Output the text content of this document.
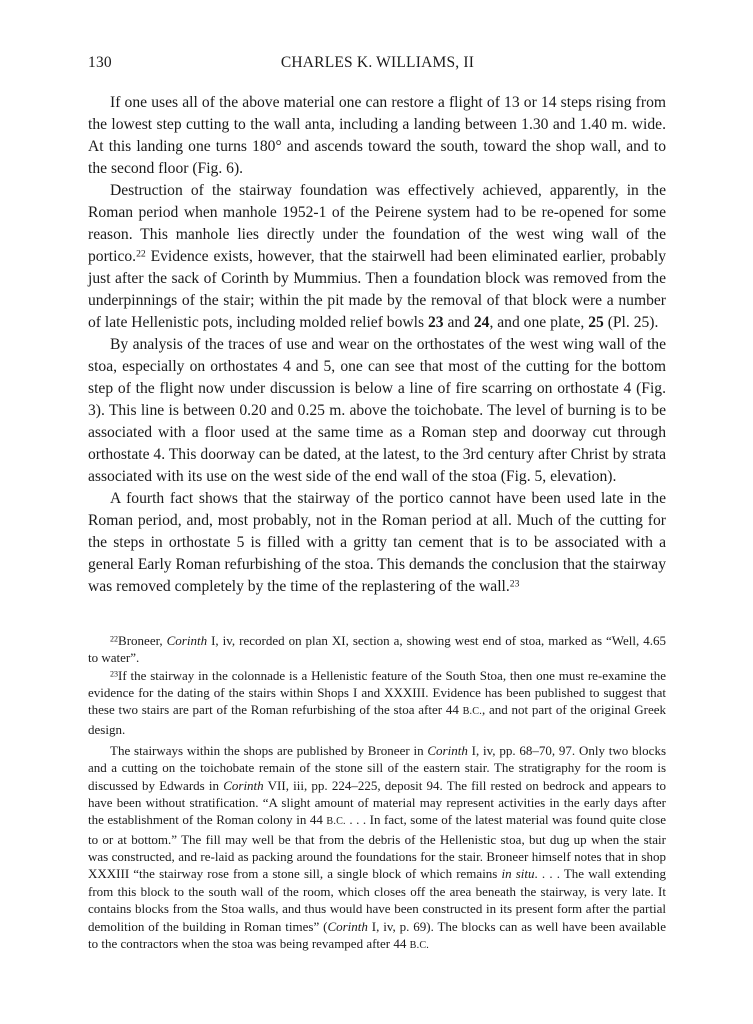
130	CHARLES K. WILLIAMS, II

If one uses all of the above material one can restore a flight of 13 or 14 steps rising from the lowest step cutting to the wall anta, including a landing between 1.30 and 1.40 m. wide. At this landing one turns 180° and ascends toward the south, toward the shop wall, and to the second floor (Fig. 6).

Destruction of the stairway foundation was effectively achieved, apparently, in the Roman period when manhole 1952-1 of the Peirene system had to be re-opened for some reason. This manhole lies directly under the foundation of the west wing wall of the portico.$^{22}$ Evidence exists, however, that the stairwell had been eliminated earlier, probably just after the sack of Corinth by Mummius. Then a foundation block was removed from the underpinnings of the stair; within the pit made by the removal of that block were a number of late Hellenistic pots, including molded relief bowls 23 and 24, and one plate, 25 (Pl. 25).

By analysis of the traces of use and wear on the orthostates of the west wing wall of the stoa, especially on orthostates 4 and 5, one can see that most of the cutting for the bottom step of the flight now under discussion is below a line of fire scarring on orthostate 4 (Fig. 3). This line is between 0.20 and 0.25 m. above the toichobate. The level of burning is to be associated with a floor used at the same time as a Roman step and doorway cut through orthostate 4. This doorway can be dated, at the latest, to the 3rd century after Christ by strata associated with its use on the west side of the end wall of the stoa (Fig. 5, elevation).

A fourth fact shows that the stairway of the portico cannot have been used late in the Roman period, and, most probably, not in the Roman period at all. Much of the cutting for the steps in orthostate 5 is filled with a gritty tan cement that is to be associated with a general Early Roman refurbishing of the stoa. This demands the conclusion that the stairway was removed completely by the time of the replastering of the wall.$^{23}$

$^{22}$Broneer, Corinth I, iv, recorded on plan XI, section a, showing west end of stoa, marked as “Well, 4.65 to water”.

$^{23}$If the stairway in the colonnade is a Hellenistic feature of the South Stoa, then one must re-examine the evidence for the dating of the stairs within Shops I and XXXIII. Evidence has been published to suggest that these two stairs are part of the Roman refurbishing of the stoa after 44 B.C., and not part of the original Greek design.

The stairways within the shops are published by Broneer in Corinth I, iv, pp. 68–70, 97. Only two blocks and a cutting on the toichobate remain of the stone sill of the eastern stair. The stratigraphy for the room is discussed by Edwards in Corinth VII, iii, pp. 224–225, deposit 94. The fill rested on bedrock and appears to have been without stratification. “A slight amount of material may represent activities in the early days after the establishment of the Roman colony in 44 B.C. . . . In fact, some of the latest material was found quite close to or at bottom.” The fill may well be that from the debris of the Hellenistic stoa, but dug up when the stair was constructed, and re-laid as packing around the foundations for the stair. Broneer himself notes that in shop XXXIII “the stairway rose from a stone sill, a single block of which remains in situ. . . . The wall extending from this block to the south wall of the room, which closes off the area beneath the stairway, is very late. It contains blocks from the Stoa walls, and thus would have been constructed in its present form after the partial demolition of the building in Roman times” (Corinth I, iv, p. 69). The blocks can as well have been available to the contractors when the stoa was being revamped after 44 B.C.
